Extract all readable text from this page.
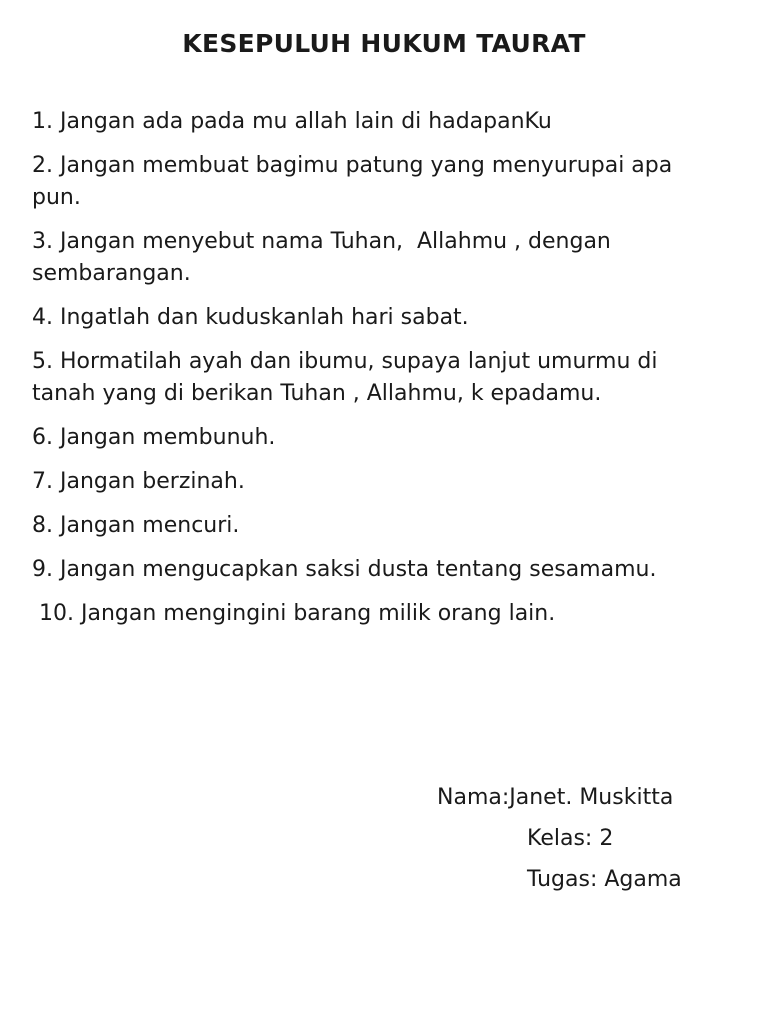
KESEPULUH HUKUM TAURAT

1. Jangan ada pada mu allah lain di hadapanKu

2. Jangan membuat bagimu patung yang menyurupai apa
pun.

3. Jangan menyebut nama Tuhan,  Allahmu , dengan
sembarangan.

4. Ingatlah dan kuduskanlah hari sabat.

5. Hormatilah ayah dan ibumu, supaya lanjut umurmu di
tanah yang di berikan Tuhan , Allahmu, k epadamu.

6. Jangan membunuh.

7. Jangan berzinah.

8. Jangan mencuri.

9. Jangan mengucapkan saksi dusta tentang sesamamu.

10. Jangan mengingini barang milik orang lain.

Nama:Janet. Muskitta
Kelas: 2
Tugas: Agama
